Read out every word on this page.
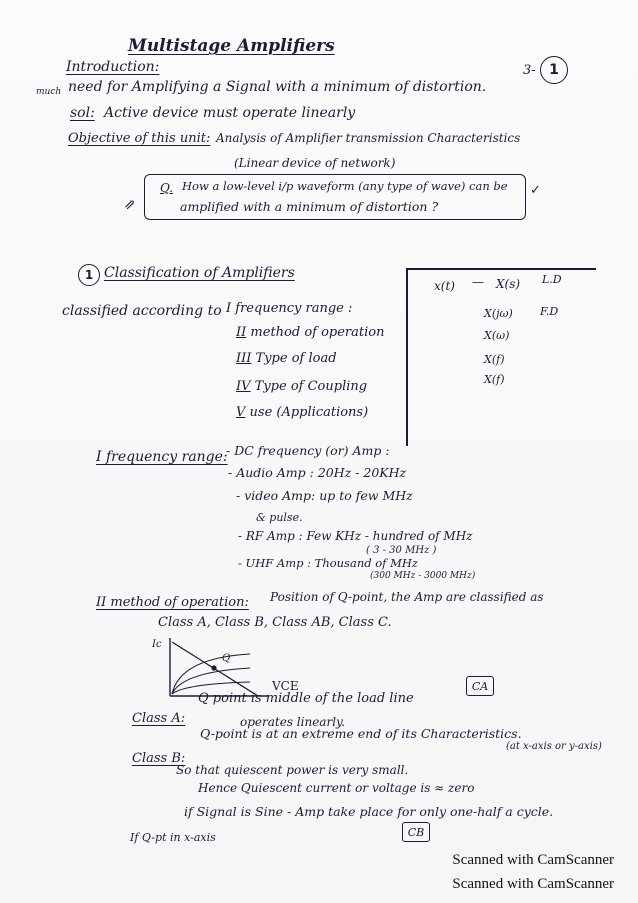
Multistage Amplifiers
3- 1
Introduction:
much need for Amplifying a Signal with a minimum of distortion.
sol: Active device must operate linearly
Objective of this unit: Analysis of Amplifier transmission Characteristics
(Linear device of network)
Q. How a low-level i/p waveform (any type of wave) can be
amplified with a minimum of distortion ?
⇗
✓
1 Classification of Amplifiers
classified according to I frequency range :
II method of operation
III Type of load
IV Type of Coupling
V use (Applications)
x(t) — X(s) L.D
X(jω) F.D
X(ω)
X(f)
X(f)
I frequency range:
- DC frequency (or) Amp :
- Audio Amp : 20Hz - 20KHz
- video Amp: up to few MHz
& pulse.
- RF Amp : Few KHz - hundred of MHz
( 3 - 30 MHz )
- UHF Amp : Thousand of MHz
(300 MHz - 3000 MHz)
II method of operation: Position of Q-point, the Amp are classified as
Class A, Class B, Class AB, Class C.
Ic
Q
VCE
Class A:
Q point is middle of the load line
operates linearly.
CA
Class B:
Q-point is at an extreme end of its Characteristics.
(at x-axis or y-axis)
So that quiescent power is very small.
Hence Quiescent current or voltage is ≈ zero
if Signal is Sine - Amp take place for only one-half a cycle.
If Q-pt in x-axis	CB
Scanned with CamScanner
Scanned with CamScanner
